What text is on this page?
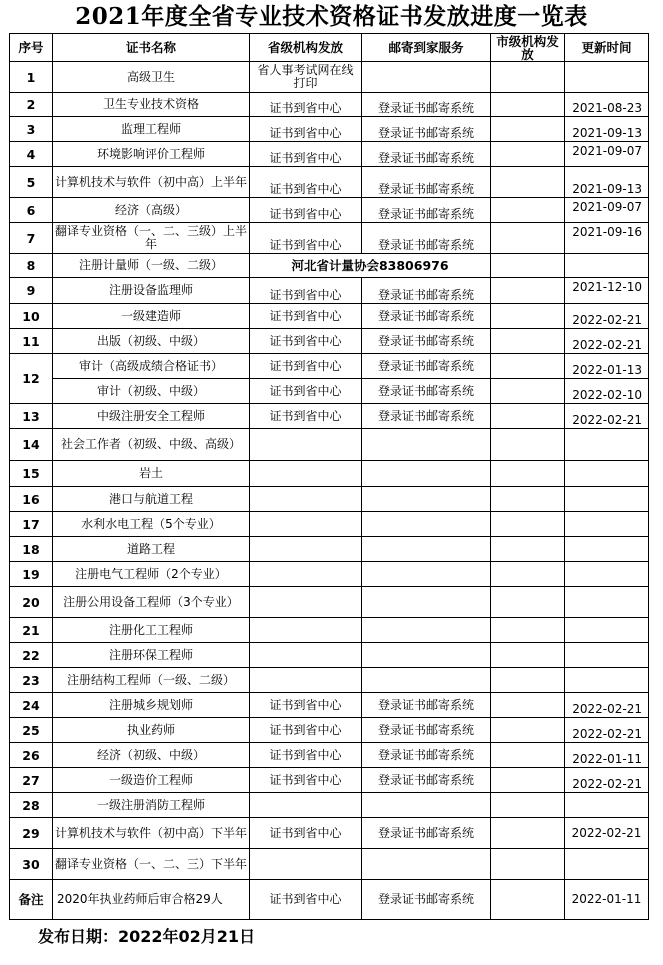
2021年度全省专业技术资格证书发放进度一览表
序号	证书名称	省级机构发放	邮寄到家服务	市级机构发放	更新时间
1	高级卫生	省人事考试网在线打印			
2	卫生专业技术资格	证书到省中心	登录证书邮寄系统		2021-08-23
3	监理工程师	证书到省中心	登录证书邮寄系统		2021-09-13
4	环境影响评价工程师	证书到省中心	登录证书邮寄系统		2021-09-07
5	计算机技术与软件（初中高）上半年	证书到省中心	登录证书邮寄系统		2021-09-13
6	经济（高级）	证书到省中心	登录证书邮寄系统		2021-09-07
7	翻译专业资格（一、二、三级）上半年	证书到省中心	登录证书邮寄系统		2021-09-16
8	注册计量师（一级、二级）	河北省计量协会83806976			
9	注册设备监理师	证书到省中心	登录证书邮寄系统		2021-12-10
10	一级建造师	证书到省中心	登录证书邮寄系统		2022-02-21
11	出版（初级、中级）	证书到省中心	登录证书邮寄系统		2022-02-21
12	审计（高级成绩合格证书）	证书到省中心	登录证书邮寄系统		2022-01-13
	审计（初级、中级）	证书到省中心	登录证书邮寄系统		2022-02-10
13	中级注册安全工程师	证书到省中心	登录证书邮寄系统		2022-02-21
14	社会工作者（初级、中级、高级）				
15	岩土				
16	港口与航道工程				
17	水利水电工程（5个专业）				
18	道路工程				
19	注册电气工程师（2个专业）				
20	注册公用设备工程师（3个专业）				
21	注册化工工程师				
22	注册环保工程师				
23	注册结构工程师（一级、二级）				
24	注册城乡规划师	证书到省中心	登录证书邮寄系统		2022-02-21
25	执业药师	证书到省中心	登录证书邮寄系统		2022-02-21
26	经济（初级、中级）	证书到省中心	登录证书邮寄系统		2022-01-11
27	一级造价工程师	证书到省中心	登录证书邮寄系统		2022-02-21
28	一级注册消防工程师				
29	计算机技术与软件（初中高）下半年	证书到省中心	登录证书邮寄系统		2022-02-21
30	翻译专业资格（一、二、三）下半年				
备注	2020年执业药师后审合格29人	证书到省中心	登录证书邮寄系统		2022-01-11
发布日期：2022年02月21日
